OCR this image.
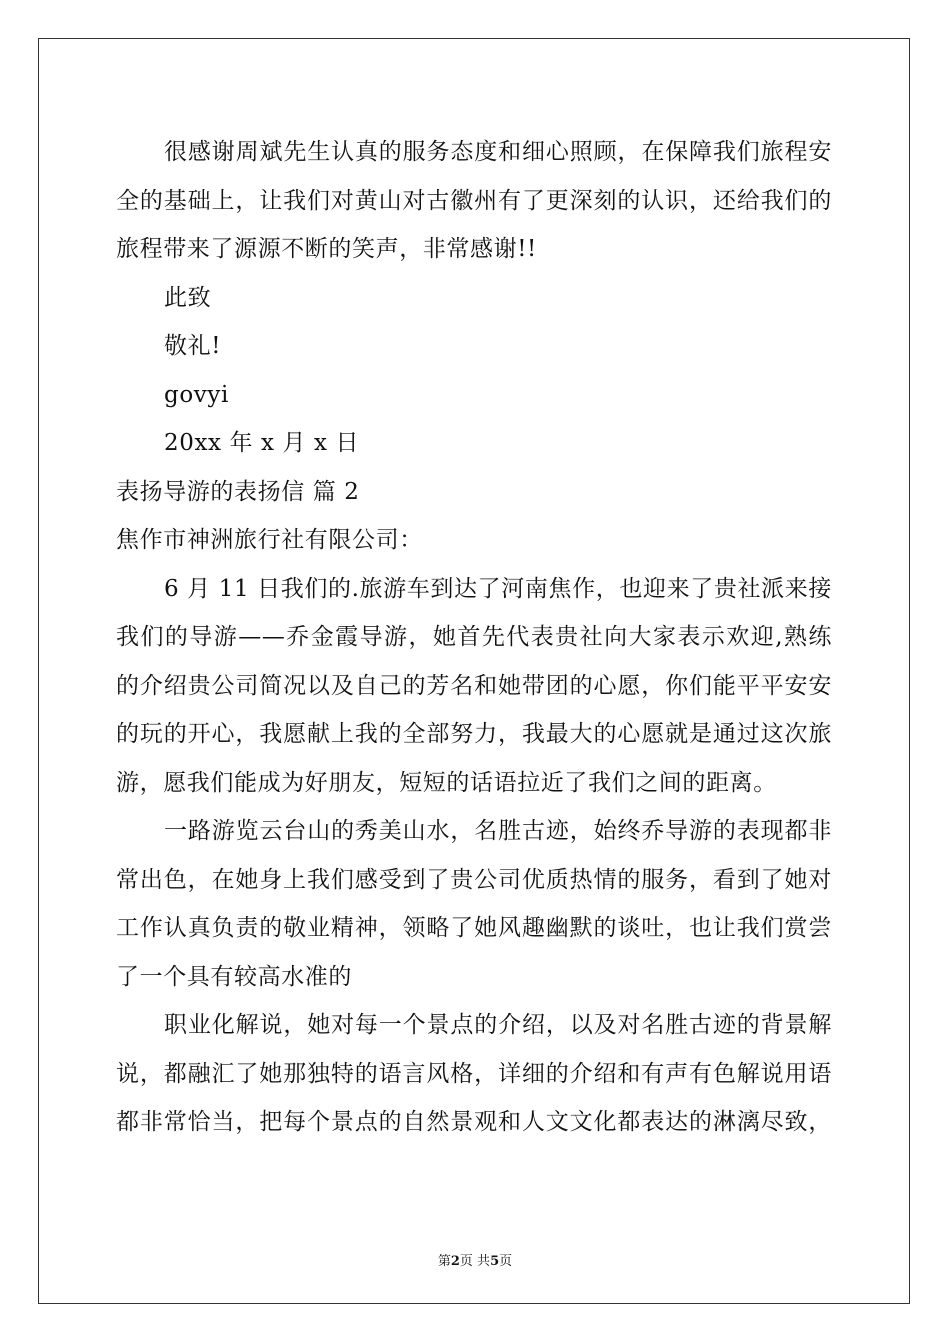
很感谢周斌先生认真的服务态度和细心照顾，在保障我们旅程安
全的基础上，让我们对黄山对古徽州有了更深刻的认识，还给我们的
旅程带来了源源不断的笑声，非常感谢!!
此致
敬礼!
govyi
20xx 年 x 月 x 日
表扬导游的表扬信 篇 2
焦作市神洲旅行社有限公司：
6 月 11 日我们的.旅游车到达了河南焦作，也迎来了贵社派来接
我们的导游——乔金霞导游，她首先代表贵社向大家表示欢迎,熟练
的介绍贵公司简况以及自己的芳名和她带团的心愿，你们能平平安安
的玩的开心，我愿献上我的全部努力，我最大的心愿就是通过这次旅
游，愿我们能成为好朋友，短短的话语拉近了我们之间的距离。
一路游览云台山的秀美山水，名胜古迹，始终乔导游的表现都非
常出色，在她身上我们感受到了贵公司优质热情的服务，看到了她对
工作认真负责的敬业精神，领略了她风趣幽默的谈吐，也让我们赏尝
了一个具有较高水准的
职业化解说，她对每一个景点的介绍，以及对名胜古迹的背景解
说，都融汇了她那独特的语言风格，详细的介绍和有声有色解说用语
都非常恰当，把每个景点的自然景观和人文文化都表达的淋漓尽致，
第2页 共5页
